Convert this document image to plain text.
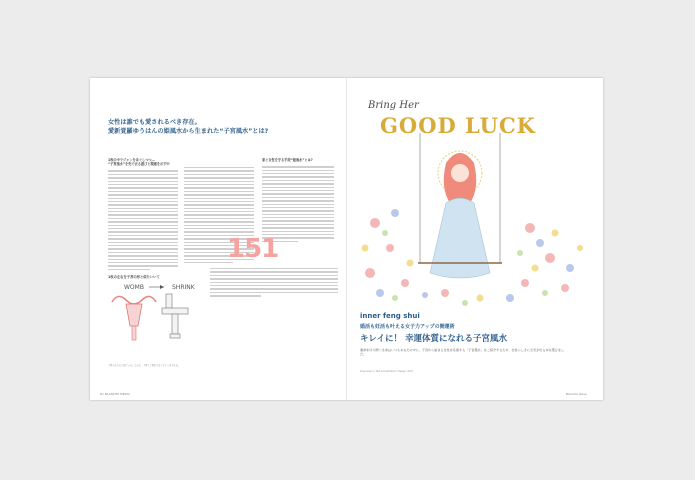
女性は誰でも愛されるべき存在。
愛新覚羅ゆうはんの姫風水から生まれた“子宮風水”とは?
1枚の中でジャンをほぐしつつ…
“子宮風水”を先で去る遊びと関連を示す中
家と女性を守る手段“姫風水”とは?
151
1枚の左右を子宮の形と似たいいて
WOMB	SHRINK
子宮のかたちと似ていることから、子宮と子宮をつなぐラインを考える。
Ru BLANCHE MEDIA
Bring Her
GOOD LUCK
inner feng shui
婚活も妊活も叶える女子力アップの開運術
キレイに！ 幸運体質になれる子宮風水
運命を切り開く生命はいつもあなたの中に。子宮から始まる女性を応援する「子宮風水」をご紹介するため、女性らしさに元気が出る本を選びました。
Supervision / Text & Illustration / Design / Edit
Blanche Issue
